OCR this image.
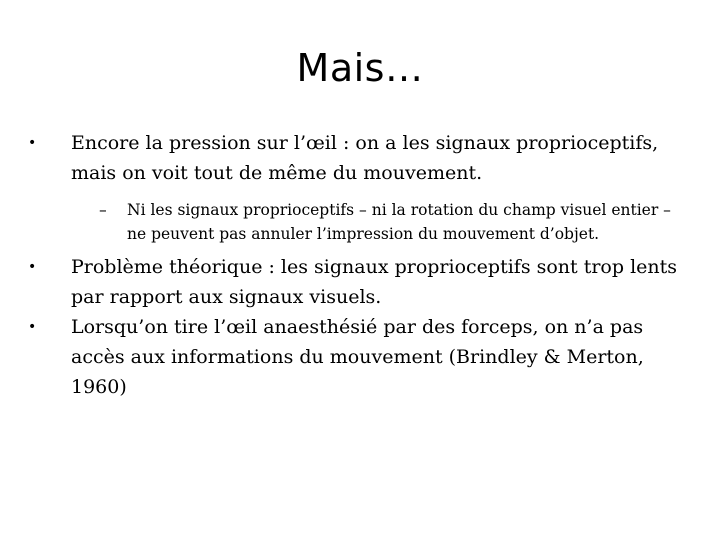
Mais…
•	Encore la pression sur l’œil : on a les signaux proprioceptifs, mais on voit tout de même du mouvement.
–	Ni les signaux proprioceptifs – ni la rotation du champ visuel entier – ne peuvent pas annuler l’impression du mouvement d’objet.
•	Problème théorique : les signaux proprioceptifs sont trop lents par rapport aux signaux visuels.
•	Lorsqu’on tire l’œil anaesthésié par des forceps, on n’a pas accès aux informations du mouvement (Brindley & Merton, 1960)
